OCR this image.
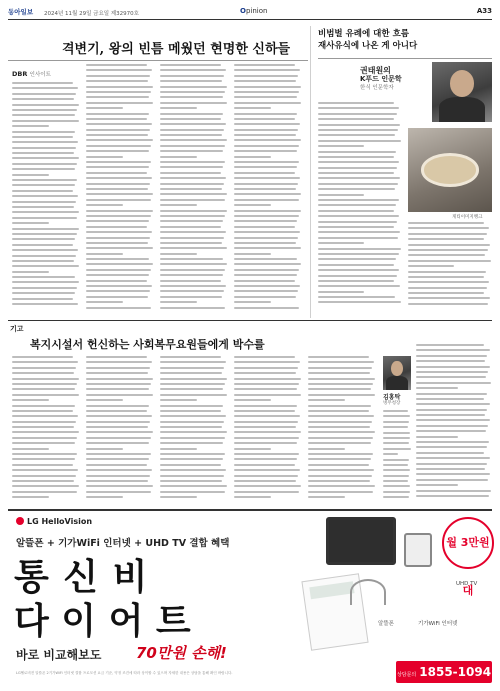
동아일보 2024년 11월 29일 금요일 제32970호	Opinion	A33
격변기, 왕의 빈틈 메웠던 현명한 신하들
DBR 인사이트
비범벌 유례에 대한 흐름
재사유식에 나온 게 아니다
권태원의
K푸드 인문학
한식 인문학자
게티이미지뱅크
기고
복지시설서 헌신하는 사회복무요원들에게 박수를
김홍탁
병무청장
LG HelloVision
알뜰폰 + 기가WiFi 인터넷 + UHD TV 결합 혜택
통 신 비
다 이 어 트
바로 비교해보도 70만원 손해!
LG헬로비전 알뜰폰 2기가WiFi 인터넷 결합 프로모션 요금 기준, 약정 조건에 따라 상이할 수 있으며 자세한 내용은 상담을 통해 확인 바랍니다.
월 3만원대
알뜰폰	기가WiFi 인터넷
UHD TV
상담문의 1855-1094
